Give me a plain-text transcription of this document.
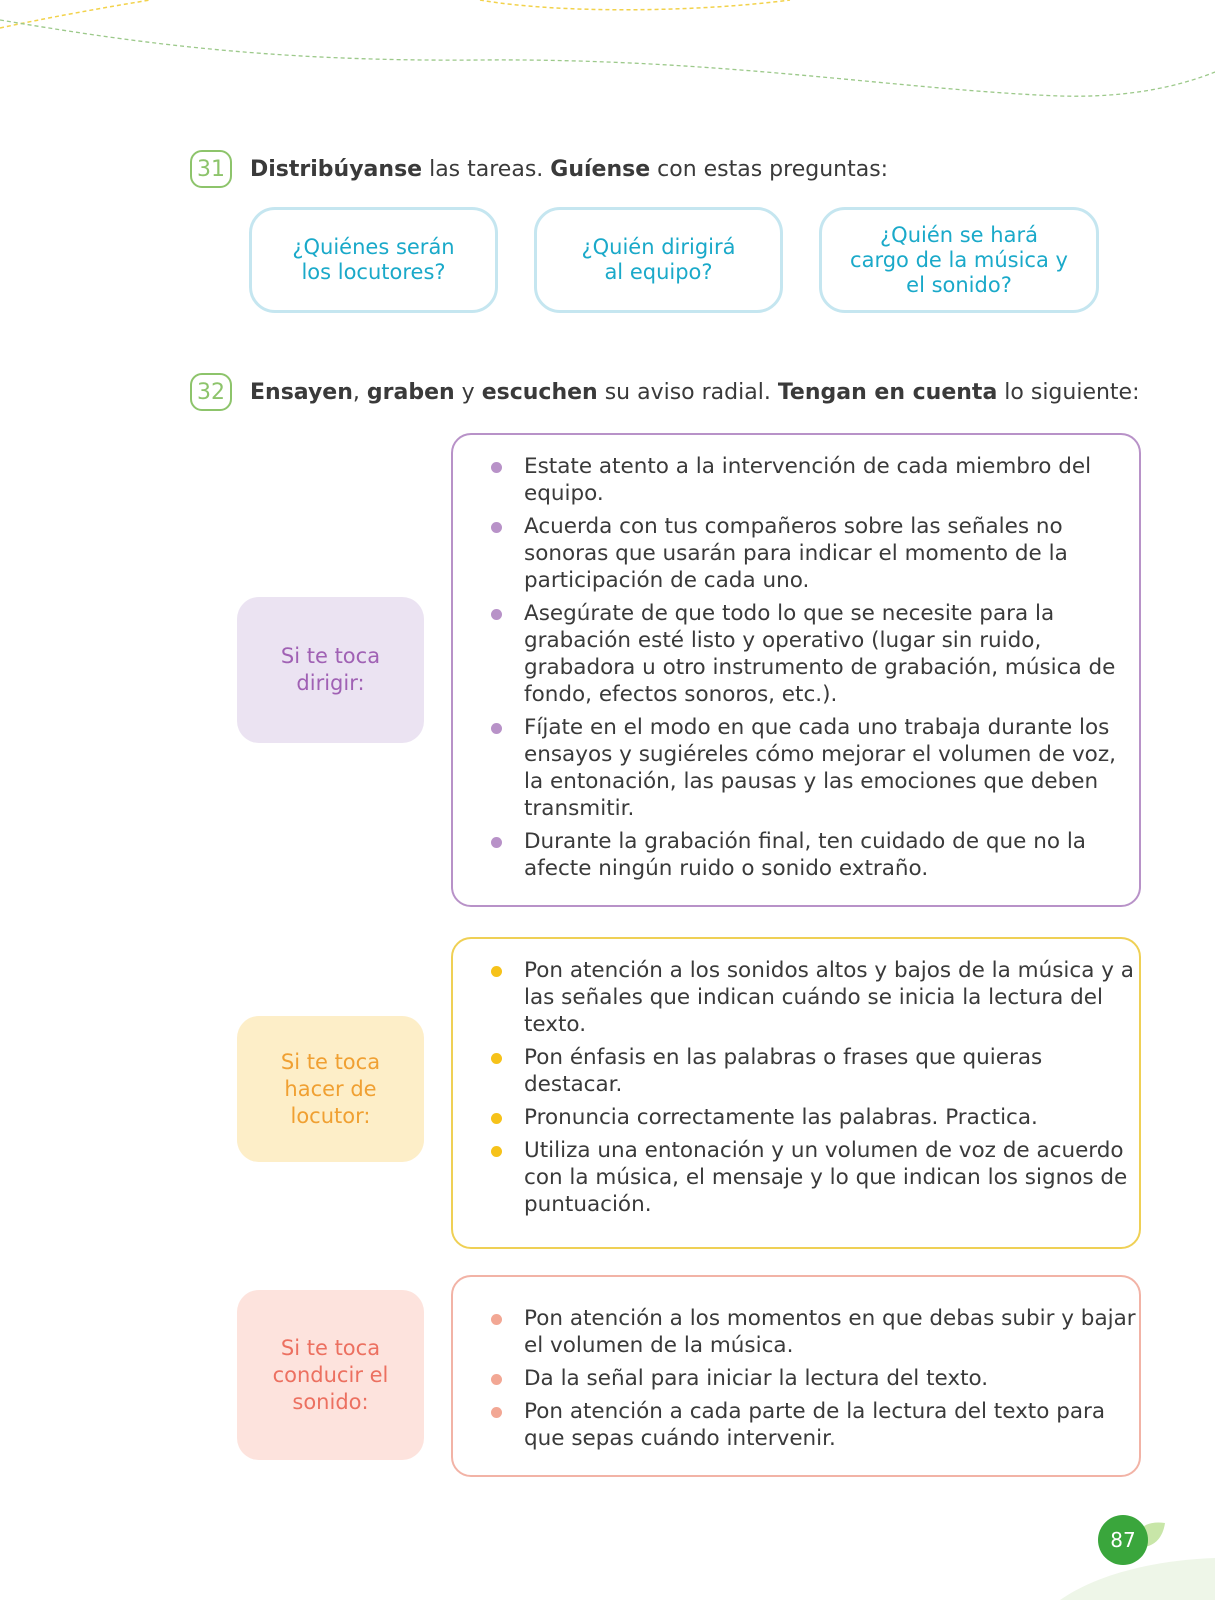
31	Distribúyanse las tareas. Guíense con estas preguntas:
¿Quiénes serán
los locutores?
¿Quién dirigirá
al equipo?
¿Quién se hará
cargo de la música y
el sonido?
32	Ensayen, graben y escuchen su aviso radial. Tengan en cuenta lo siguiente:
Si te toca
dirigir:
Estate atento a la intervención de cada miembro del equipo.
Acuerda con tus compañeros sobre las señales no sonoras que usarán para indicar el momento de la participación de cada uno.
Asegúrate de que todo lo que se necesite para la grabación esté listo y operativo (lugar sin ruido, grabadora u otro instrumento de grabación, música de fondo, efectos sonoros, etc.).
Fíjate en el modo en que cada uno trabaja durante los ensayos y sugiéreles cómo mejorar el volumen de voz, la entonación, las pausas y las emociones que deben transmitir.
Durante la grabación final, ten cuidado de que no la afecte ningún ruido o sonido extraño.
Si te toca
hacer de
locutor:
Pon atención a los sonidos altos y bajos de la música y a las señales que indican cuándo se inicia la lectura del texto.
Pon énfasis en las palabras o frases que quieras destacar.
Pronuncia correctamente las palabras. Practica.
Utiliza una entonación y un volumen de voz de acuerdo con la música, el mensaje y lo que indican los signos de puntuación.
Si te toca
conducir el
sonido:
Pon atención a los momentos en que debas subir y bajar el volumen de la música.
Da la señal para iniciar la lectura del texto.
Pon atención a cada parte de la lectura del texto para que sepas cuándo intervenir.
87
